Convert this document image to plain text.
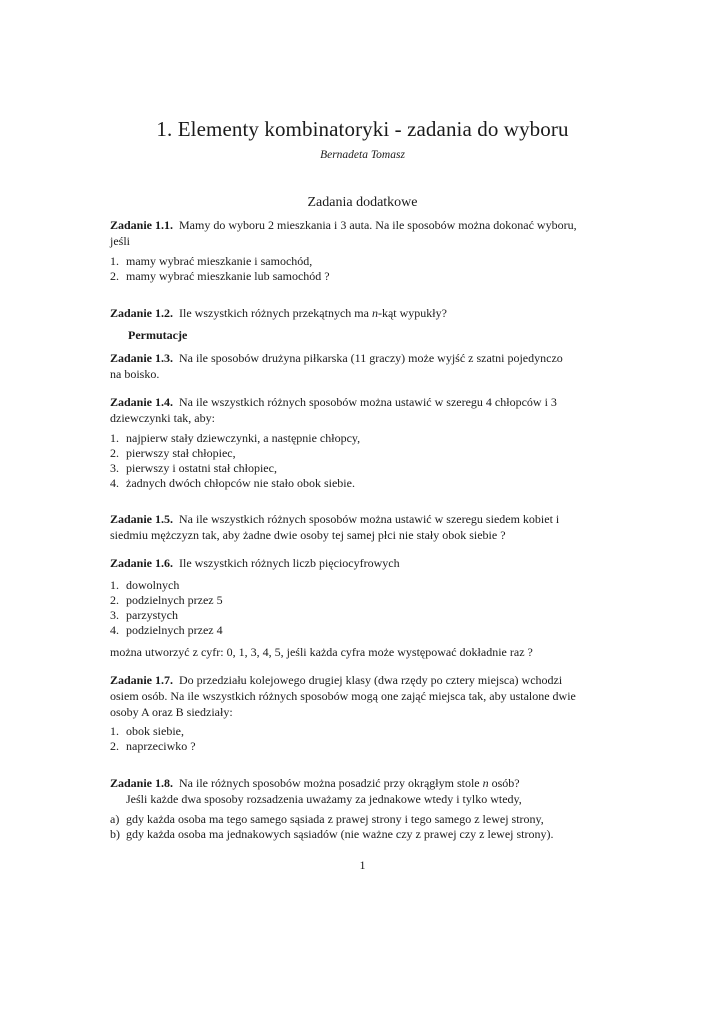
1. Elementy kombinatoryki - zadania do wyboru
Bernadeta Tomasz
Zadania dodatkowe
Zadanie 1.1. Mamy do wyboru 2 mieszkania i 3 auta. Na ile sposobów można dokonać wyboru,
jeśli
1. mamy wybrać mieszkanie i samochód,
2. mamy wybrać mieszkanie lub samochód ?
Zadanie 1.2. Ile wszystkich różnych przekątnych ma n-kąt wypukły?
Permutacje
Zadanie 1.3. Na ile sposobów drużyna piłkarska (11 graczy) może wyjść z szatni pojedynczo
na boisko.
Zadanie 1.4. Na ile wszystkich różnych sposobów można ustawić w szeregu 4 chłopców i 3
dziewczynki tak, aby:
1. najpierw stały dziewczynki, a następnie chłopcy,
2. pierwszy stał chłopiec,
3. pierwszy i ostatni stał chłopiec,
4. żadnych dwóch chłopców nie stało obok siebie.
Zadanie 1.5. Na ile wszystkich różnych sposobów można ustawić w szeregu siedem kobiet i
siedmiu mężczyzn tak, aby żadne dwie osoby tej samej płci nie stały obok siebie ?
Zadanie 1.6. Ile wszystkich różnych liczb pięciocyfrowych
1. dowolnych
2. podzielnych przez 5
3. parzystych
4. podzielnych przez 4
można utworzyć z cyfr: 0, 1, 3, 4, 5, jeśli każda cyfra może występować dokładnie raz ?
Zadanie 1.7. Do przedziału kolejowego drugiej klasy (dwa rzędy po cztery miejsca) wchodzi
osiem osób. Na ile wszystkich różnych sposobów mogą one zająć miejsca tak, aby ustalone dwie
osoby A oraz B siedziały:
1. obok siebie,
2. naprzeciwko ?
Zadanie 1.8. Na ile różnych sposobów można posadzić przy okrągłym stole n osób?
Jeśli każde dwa sposoby rozsadzenia uważamy za jednakowe wtedy i tylko wtedy,
a) gdy każda osoba ma tego samego sąsiada z prawej strony i tego samego z lewej strony,
b) gdy każda osoba ma jednakowych sąsiadów (nie ważne czy z prawej czy z lewej strony).
1
